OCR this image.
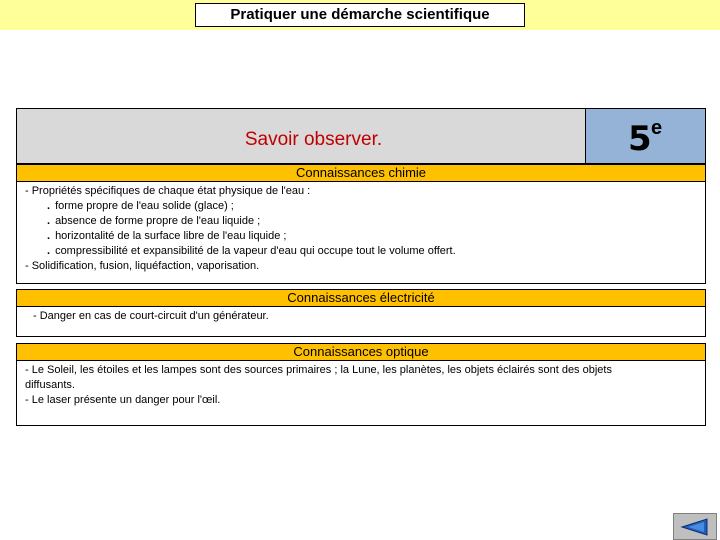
Pratiquer une démarche scientifique
Savoir observer.	5 e
Connaissances chimie
- Propriétés spécifiques de chaque état physique de l'eau :
. forme propre de l'eau solide (glace) ;
. absence de forme propre de l'eau liquide ;
. horizontalité de la surface libre de l'eau liquide ;
. compressibilité et expansibilité de la vapeur d'eau qui occupe tout le volume offert.
- Solidification, fusion, liquéfaction, vaporisation.
Connaissances électricité
- Danger en cas de court-circuit d'un générateur.
Connaissances optique
- Le Soleil, les étoiles et les lampes sont des sources primaires ; la Lune, les planètes, les objets éclairés sont des objets diffusants.
- Le laser présente un danger pour l'œil.
